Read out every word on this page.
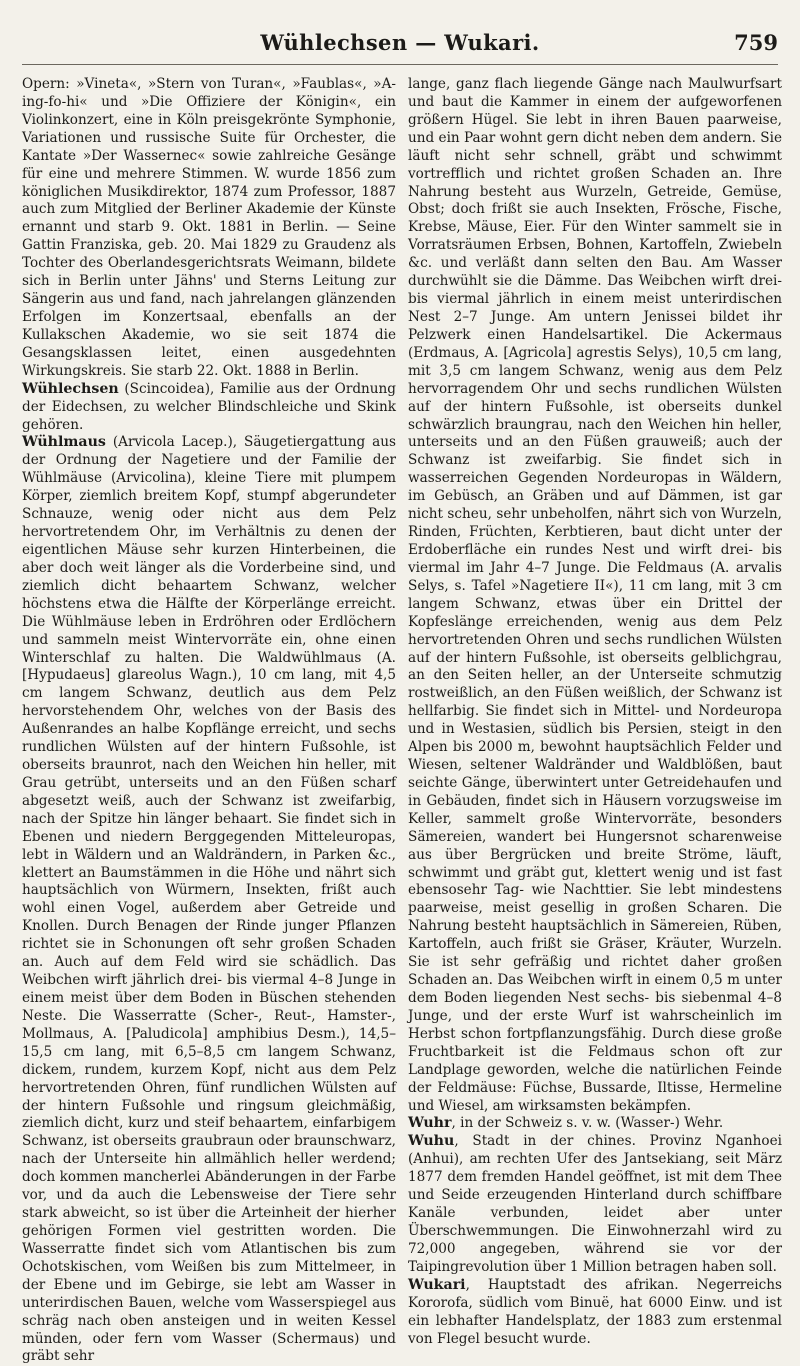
Wühlechsen — Wukari.	759

Opern: »Vineta«, »Stern von Turan«, »Faublas«, »A-ing-fo-hi« und »Die Offiziere der Königin«, ein Violinkonzert, eine in Köln preisgekrönte Symphonie, Variationen und russische Suite für Orchester, die Kantate »Der Wassernec« sowie zahlreiche Gesänge für eine und mehrere Stimmen. W. wurde 1856 zum königlichen Musikdirektor, 1874 zum Professor, 1887 auch zum Mitglied der Berliner Akademie der Künste ernannt und starb 9. Okt. 1881 in Berlin. — Seine Gattin Franziska, geb. 20. Mai 1829 zu Graudenz als Tochter des Oberlandesgerichtsrats Weimann, bildete sich in Berlin unter Jähns' und Sterns Leitung zur Sängerin aus und fand, nach jahrelangen glänzenden Erfolgen im Konzertsaal, ebenfalls an der Kullakschen Akademie, wo sie seit 1874 die Gesangsklassen leitet, einen ausgedehnten Wirkungskreis. Sie starb 22. Okt. 1888 in Berlin.

Wühlechsen (Scincoidea), Familie aus der Ordnung der Eidechsen, zu welcher Blindschleiche und Skink gehören.

Wühlmaus (Arvicola Lacep.), Säugetiergattung aus der Ordnung der Nagetiere und der Familie der Wühlmäuse (Arvicolina), kleine Tiere mit plumpem Körper, ziemlich breitem Kopf, stumpf abgerundeter Schnauze, wenig oder nicht aus dem Pelz hervortretendem Ohr, im Verhältnis zu denen der eigentlichen Mäuse sehr kurzen Hinterbeinen, die aber doch weit länger als die Vorderbeine sind, und ziemlich dicht behaartem Schwanz, welcher höchstens etwa die Hälfte der Körperlänge erreicht. Die Wühlmäuse leben in Erdröhren oder Erdlöchern und sammeln meist Wintervorräte ein, ohne einen Winterschlaf zu halten. Die Waldwühlmaus (A. [Hypudaeus] glareolus Wagn.), 10 cm lang, mit 4,5 cm langem Schwanz, deutlich aus dem Pelz hervorstehendem Ohr, welches von der Basis des Außenrandes an halbe Kopflänge erreicht, und sechs rundlichen Wülsten auf der hintern Fußsohle, ist oberseits braunrot, nach den Weichen hin heller, mit Grau getrübt, unterseits und an den Füßen scharf abgesetzt weiß, auch der Schwanz ist zweifarbig, nach der Spitze hin länger behaart. Sie findet sich in Ebenen und niedern Berggegenden Mitteleuropas, lebt in Wäldern und an Waldrändern, in Parken &c., klettert an Baumstämmen in die Höhe und nährt sich hauptsächlich von Würmern, Insekten, frißt auch wohl einen Vogel, außerdem aber Getreide und Knollen. Durch Benagen der Rinde junger Pflanzen richtet sie in Schonungen oft sehr großen Schaden an. Auch auf dem Feld wird sie schädlich. Das Weibchen wirft jährlich drei- bis viermal 4–8 Junge in einem meist über dem Boden in Büschen stehenden Neste. Die Wasserratte (Scher-, Reut-, Hamster-, Mollmaus, A. [Paludicola] amphibius Desm.), 14,5–15,5 cm lang, mit 6,5–8,5 cm langem Schwanz, dickem, rundem, kurzem Kopf, nicht aus dem Pelz hervortretenden Ohren, fünf rundlichen Wülsten auf der hintern Fußsohle und ringsum gleichmäßig, ziemlich dicht, kurz und steif behaartem, einfarbigem Schwanz, ist oberseits graubraun oder braunschwarz, nach der Unterseite hin allmählich heller werdend; doch kommen mancherlei Abänderungen in der Farbe vor, und da auch die Lebensweise der Tiere sehr stark abweicht, so ist über die Arteinheit der hierher gehörigen Formen viel gestritten worden. Die Wasserratte findet sich vom Atlantischen bis zum Ochotskischen, vom Weißen bis zum Mittelmeer, in der Ebene und im Gebirge, sie lebt am Wasser in unterirdischen Bauen, welche vom Wasserspiegel aus schräg nach oben ansteigen und in weiten Kessel münden, oder fern vom Wasser (Schermaus) und gräbt sehr

lange, ganz flach liegende Gänge nach Maulwurfsart und baut die Kammer in einem der aufgeworfenen größern Hügel. Sie lebt in ihren Bauen paarweise, und ein Paar wohnt gern dicht neben dem andern. Sie läuft nicht sehr schnell, gräbt und schwimmt vortrefflich und richtet großen Schaden an. Ihre Nahrung besteht aus Wurzeln, Getreide, Gemüse, Obst; doch frißt sie auch Insekten, Frösche, Fische, Krebse, Mäuse, Eier. Für den Winter sammelt sie in Vorratsräumen Erbsen, Bohnen, Kartoffeln, Zwiebeln &c. und verläßt dann selten den Bau. Am Wasser durchwühlt sie die Dämme. Das Weibchen wirft drei- bis viermal jährlich in einem meist unterirdischen Nest 2–7 Junge. Am untern Jenissei bildet ihr Pelzwerk einen Handelsartikel. Die Ackermaus (Erdmaus, A. [Agricola] agrestis Selys), 10,5 cm lang, mit 3,5 cm langem Schwanz, wenig aus dem Pelz hervorragendem Ohr und sechs rundlichen Wülsten auf der hintern Fußsohle, ist oberseits dunkel schwärzlich braungrau, nach den Weichen hin heller, unterseits und an den Füßen grauweiß; auch der Schwanz ist zweifarbig. Sie findet sich in wasserreichen Gegenden Nordeuropas in Wäldern, im Gebüsch, an Gräben und auf Dämmen, ist gar nicht scheu, sehr unbeholfen, nährt sich von Wurzeln, Rinden, Früchten, Kerbtieren, baut dicht unter der Erdoberfläche ein rundes Nest und wirft drei- bis viermal im Jahr 4–7 Junge. Die Feldmaus (A. arvalis Selys, s. Tafel »Nagetiere II«), 11 cm lang, mit 3 cm langem Schwanz, etwas über ein Drittel der Kopfeslänge erreichenden, wenig aus dem Pelz hervortretenden Ohren und sechs rundlichen Wülsten auf der hintern Fußsohle, ist oberseits gelblichgrau, an den Seiten heller, an der Unterseite schmutzig rostweißlich, an den Füßen weißlich, der Schwanz ist hellfarbig. Sie findet sich in Mittel- und Nordeuropa und in Westasien, südlich bis Persien, steigt in den Alpen bis 2000 m, bewohnt hauptsächlich Felder und Wiesen, seltener Waldränder und Waldblößen, baut seichte Gänge, überwintert unter Getreidehaufen und in Gebäuden, findet sich in Häusern vorzugsweise im Keller, sammelt große Wintervorräte, besonders Sämereien, wandert bei Hungersnot scharenweise aus über Bergrücken und breite Ströme, läuft, schwimmt und gräbt gut, klettert wenig und ist fast ebensosehr Tag- wie Nachttier. Sie lebt mindestens paarweise, meist gesellig in großen Scharen. Die Nahrung besteht hauptsächlich in Sämereien, Rüben, Kartoffeln, auch frißt sie Gräser, Kräuter, Wurzeln. Sie ist sehr gefräßig und richtet daher großen Schaden an. Das Weibchen wirft in einem 0,5 m unter dem Boden liegenden Nest sechs- bis siebenmal 4–8 Junge, und der erste Wurf ist wahrscheinlich im Herbst schon fortpflanzungsfähig. Durch diese große Fruchtbarkeit ist die Feldmaus schon oft zur Landplage geworden, welche die natürlichen Feinde der Feldmäuse: Füchse, Bussarde, Iltisse, Hermeline und Wiesel, am wirksamsten bekämpfen.

Wuhr, in der Schweiz s. v. w. (Wasser-) Wehr.

Wuhu, Stadt in der chines. Provinz Nganhoei (Anhui), am rechten Ufer des Jantsekiang, seit März 1877 dem fremden Handel geöffnet, ist mit dem Thee und Seide erzeugenden Hinterland durch schiffbare Kanäle verbunden, leidet aber unter Überschwemmungen. Die Einwohnerzahl wird zu 72,000 angegeben, während sie vor der Taipingrevolution über 1 Million betragen haben soll.

Wukari, Hauptstadt des afrikan. Negerreichs Kororofa, südlich vom Binuë, hat 6000 Einw. und ist ein lebhafter Handelsplatz, der 1883 zum erstenmal von Flegel besucht wurde.
